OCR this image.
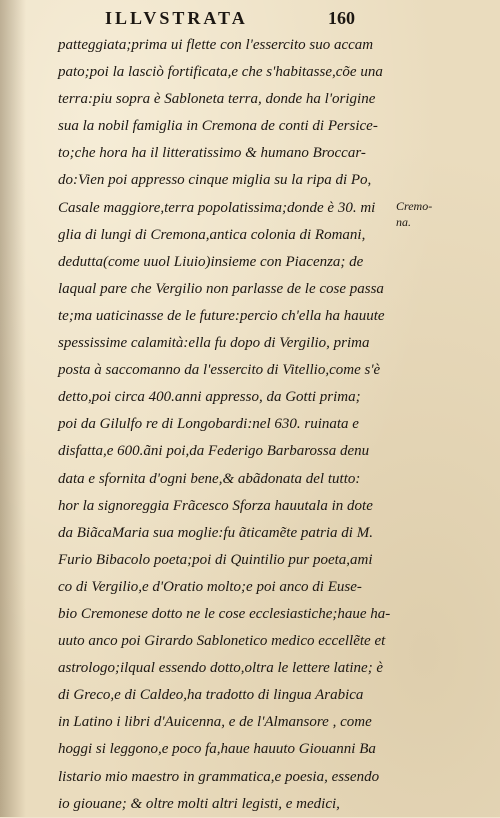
ILLVSTRATA	160
patteggiata;prima ui flette con l'essercito suo accam
pato;poi la lasciò fortificata,e che s'habitasse,cõe una
terra:piu sopra è Sabloneta terra, donde ha l'origine
sua la nobil famiglia in Cremona de conti di Persice-
to;che hora ha il litteratissimo & humano Broccar-
do:Vien poi appresso cinque miglia su la ripa di Po,
Casale maggiore,terra popolatissima;donde è 30. mi
glia di lungi di Cremona,antica colonia di Romani,
dedutta(come uuol Liuio)insieme con Piacenza; de
laqual pare che Vergilio non parlasse de le cose passa
te;ma uaticinasse de le future:percio ch'ella ha hauute
spessissime calamità:ella fu dopo di Vergilio, prima
posta à saccomanno da l'essercito di Vitellio,come s'è
detto,poi circa 400.anni appresso, da Gotti prima;
poi da Gilulfo re di Longobardi:nel 630. ruinata e
disfatta,e 600.ãni poi,da Federigo Barbarossa denu
data e sfornita d'ogni bene,& abãdonata del tutto:
hor la signoreggia Frãcesco Sforza hauutala in dote
da BiãcaMaria sua moglie:fu ãticamẽte patria di M.
Furio Bibacolo poeta;poi di Quintilio pur poeta,ami
co di Vergilio,e d'Oratio molto;e poi anco di Euse-
bio Cremonese dotto ne le cose ecclesiastiche;haue ha-
uuto anco poi Girardo Sablonetico medico eccellẽte et
astrologo;ilqual essendo dotto,oltra le lettere latine; è
di Greco,e di Caldeo,ha tradotto di lingua Arabica
in Latino i libri d'Auicenna, e de l'Almansore , come
hoggi si leggono,e poco fa,haue hauuto Giouanni Ba
listario mio maestro in grammatica,e poesia, essendo
io giouane; & oltre molti altri legisti, e medici,
Cremo-na.
